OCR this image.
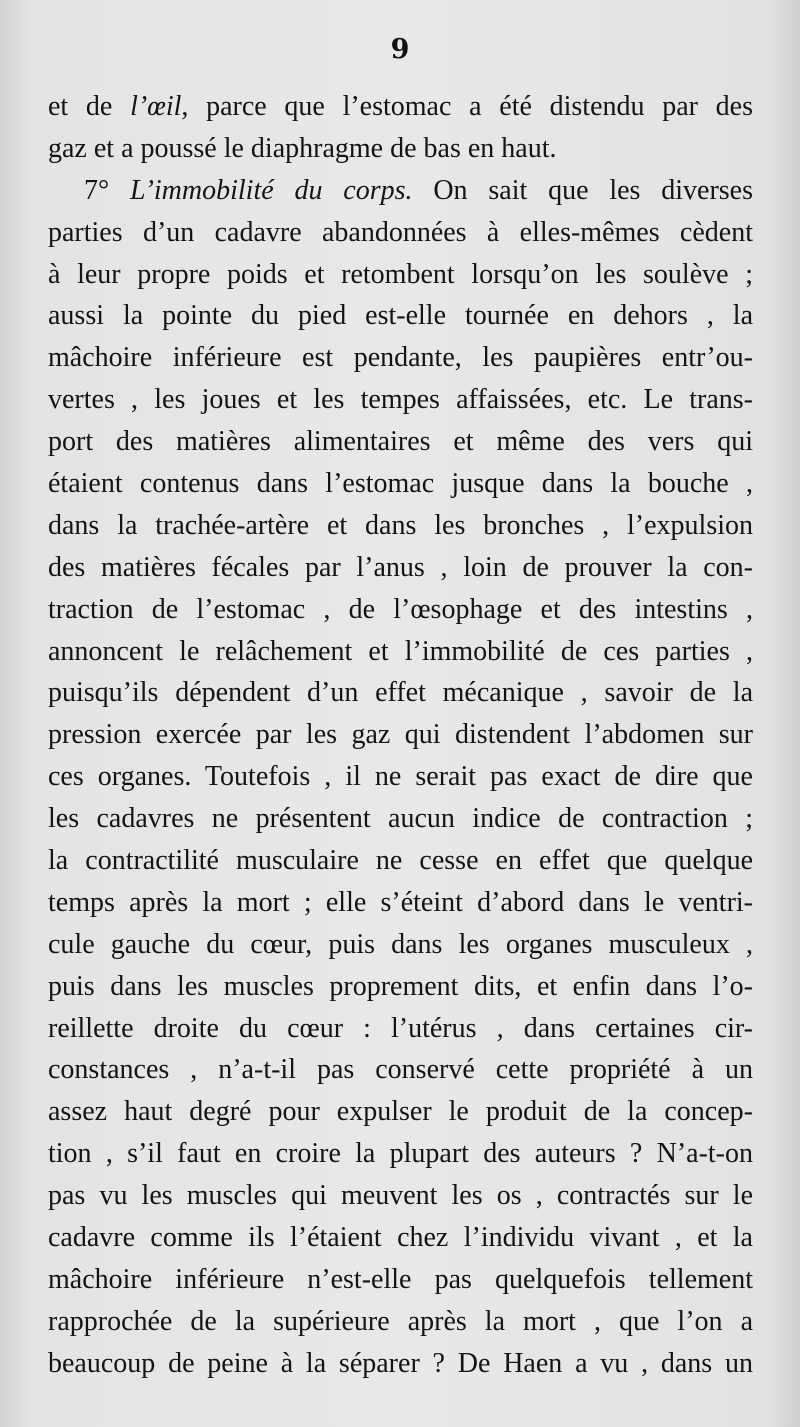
9
et de l’œil, parce que l’estomac a été distendu par des
gaz et a poussé le diaphragme de bas en haut.
7° L’immobilité du corps. On sait que les diverses
parties d’un cadavre abandonnées à elles-mêmes cèdent
à leur propre poids et retombent lorsqu’on les soulève ;
aussi la pointe du pied est-elle tournée en dehors , la
mâchoire inférieure est pendante, les paupières entr’ou-
vertes , les joues et les tempes affaissées, etc. Le trans-
port des matières alimentaires et même des vers qui
étaient contenus dans l’estomac jusque dans la bouche ,
dans la trachée-artère et dans les bronches , l’expulsion
des matières fécales par l’anus , loin de prouver la con-
traction de l’estomac , de l’œsophage et des intestins ,
annoncent le relâchement et l’immobilité de ces parties ,
puisqu’ils dépendent d’un effet mécanique , savoir de la
pression exercée par les gaz qui distendent l’abdomen sur
ces organes. Toutefois , il ne serait pas exact de dire que
les cadavres ne présentent aucun indice de contraction ;
la contractilité musculaire ne cesse en effet que quelque
temps après la mort ; elle s’éteint d’abord dans le ventri-
cule gauche du cœur, puis dans les organes musculeux ,
puis dans les muscles proprement dits, et enfin dans l’o-
reillette droite du cœur : l’utérus , dans certaines cir-
constances , n’a-t-il pas conservé cette propriété à un
assez haut degré pour expulser le produit de la concep-
tion , s’il faut en croire la plupart des auteurs ? N’a-t-on
pas vu les muscles qui meuvent les os , contractés sur le
cadavre comme ils l’étaient chez l’individu vivant , et la
mâchoire inférieure n’est-elle pas quelquefois tellement
rapprochée de la supérieure après la mort , que l’on a
beaucoup de peine à la séparer ? De Haen a vu , dans un
